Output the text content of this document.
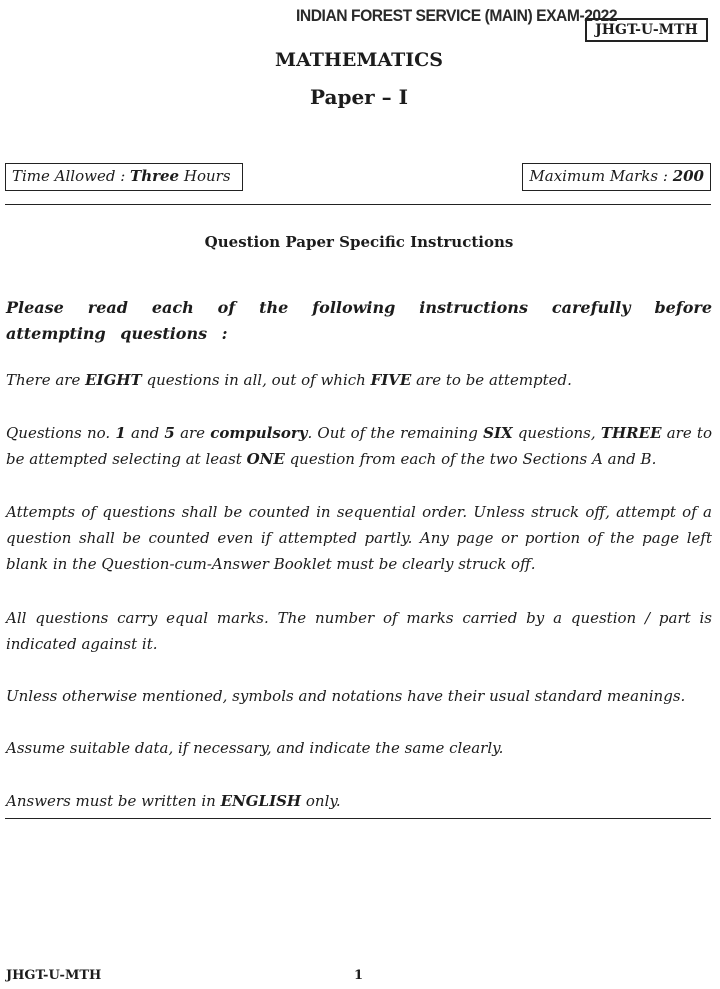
INDIAN FOREST SERVICE (MAIN) EXAM-2022
JHGT-U-MTH
MATHEMATICS
Paper – I
Time Allowed : Three Hours	Maximum Marks : 200
Question Paper Specific Instructions
Please read each of the following instructions carefully before attempting questions :
There are EIGHT questions in all, out of which FIVE are to be attempted.
Questions no. 1 and 5 are compulsory. Out of the remaining SIX questions, THREE are to be attempted selecting at least ONE question from each of the two Sections A and B.
Attempts of questions shall be counted in sequential order. Unless struck off, attempt of a question shall be counted even if attempted partly. Any page or portion of the page left blank in the Question-cum-Answer Booklet must be clearly struck off.
All questions carry equal marks. The number of marks carried by a question / part is indicated against it.
Unless otherwise mentioned, symbols and notations have their usual standard meanings.
Assume suitable data, if necessary, and indicate the same clearly.
Answers must be written in ENGLISH only.
JHGT-U-MTH	1
